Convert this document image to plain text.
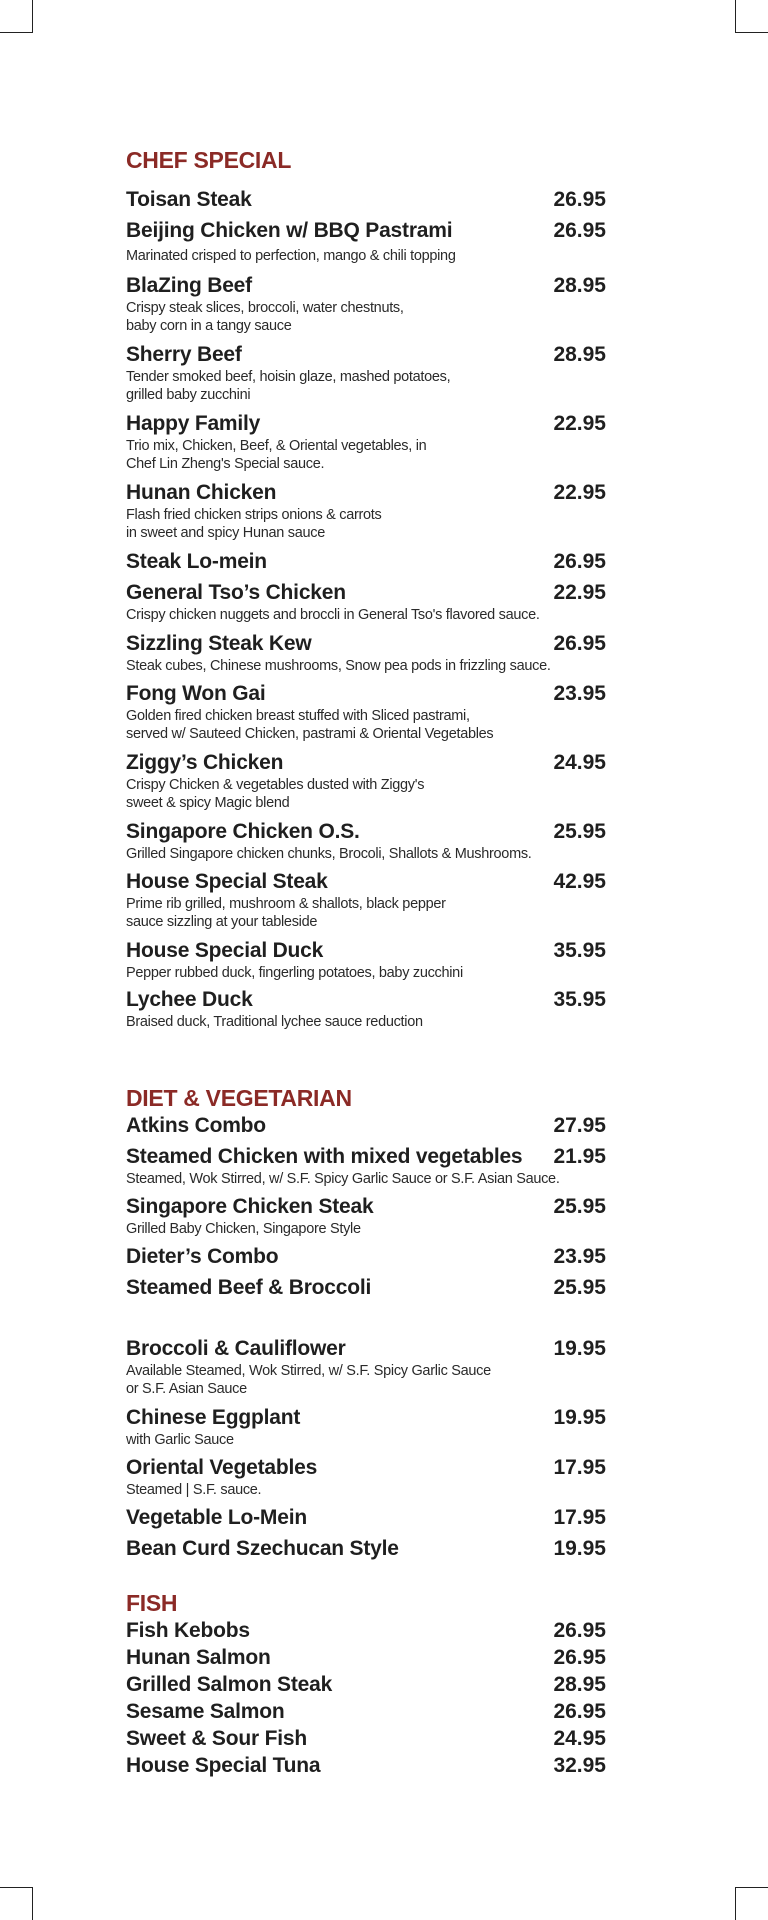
CHEF SPECIAL
Toisan Steak	26.95
Beijing Chicken w/ BBQ Pastrami	26.95
Marinated crisped to perfection, mango & chili topping
BlaZing Beef	28.95
Crispy steak slices, broccoli, water chestnuts,
baby corn in a tangy sauce
Sherry Beef	28.95
Tender smoked beef, hoisin glaze, mashed potatoes,
grilled baby zucchini
Happy Family	22.95
Trio mix, Chicken, Beef, & Oriental vegetables, in
Chef Lin Zheng's Special sauce.
Hunan Chicken	22.95
Flash fried chicken strips onions & carrots
in sweet and spicy Hunan sauce
Steak Lo-mein	26.95
General Tso’s Chicken	22.95
Crispy chicken nuggets and broccli in General Tso's flavored sauce.
Sizzling Steak Kew	26.95
Steak cubes, Chinese mushrooms, Snow pea pods in frizzling sauce.
Fong Won Gai	23.95
Golden fired chicken breast stuffed with Sliced pastrami,
served w/ Sauteed Chicken, pastrami & Oriental Vegetables
Ziggy’s Chicken	24.95
Crispy Chicken & vegetables dusted with Ziggy's
sweet & spicy Magic blend
Singapore Chicken O.S.	25.95
Grilled Singapore chicken chunks, Brocoli, Shallots & Mushrooms.
House Special Steak	42.95
Prime rib grilled, mushroom & shallots, black pepper
sauce sizzling at your tableside
House Special Duck	35.95
Pepper rubbed duck, fingerling potatoes, baby zucchini
Lychee Duck	35.95
Braised duck, Traditional lychee sauce reduction
DIET & VEGETARIAN
Atkins Combo	27.95
Steamed Chicken with mixed vegetables 21.95
Steamed, Wok Stirred, w/ S.F. Spicy Garlic Sauce or S.F. Asian Sauce.
Singapore Chicken Steak	25.95
Grilled Baby Chicken, Singapore Style
Dieter’s Combo	23.95
Steamed Beef & Broccoli	25.95
Broccoli & Cauliflower	19.95
Available Steamed, Wok Stirred, w/ S.F. Spicy Garlic Sauce
or S.F. Asian Sauce
Chinese Eggplant	19.95
with Garlic Sauce
Oriental Vegetables	17.95
Steamed | S.F. sauce.
Vegetable Lo-Mein	17.95
Bean Curd Szechucan Style	19.95
FISH
Fish Kebobs	26.95
Hunan Salmon	26.95
Grilled Salmon Steak	28.95
Sesame Salmon	26.95
Sweet & Sour Fish	24.95
House Special Tuna	32.95
